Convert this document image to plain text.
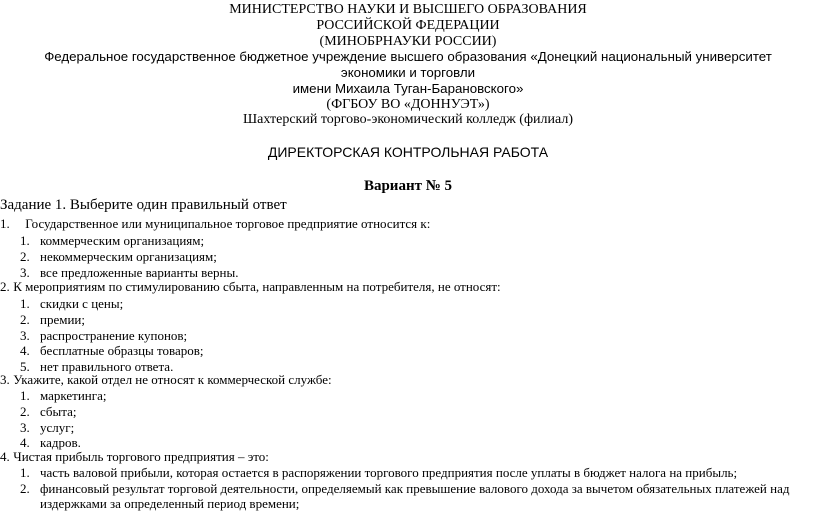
МИНИСТЕРСТВО НАУКИ И ВЫСШЕГО ОБРАЗОВАНИЯ
РОССИЙСКОЙ ФЕДЕРАЦИИ
(МИНОБРНАУКИ РОССИИ)
Федеральное государственное бюджетное учреждение высшего образования «Донецкий национальный университет
экономики и торговли
имени Михаила Туган-Барановского»
(ФГБОУ ВО «ДОННУЭТ»)
Шахтерский торгово-экономический колледж (филиал)
ДИРЕКТОРСКАЯ КОНТРОЛЬНАЯ РАБОТА
Вариант № 5
Задание 1. Выберите один правильный ответ
1. Государственное или муниципальное торговое предприятие относится к:
1. коммерческим организациям;
2. некоммерческим организациям;
3. все предложенные варианты верны.
2. К мероприятиям по стимулированию сбыта, направленным на потребителя, не относят:
1. скидки с цены;
2. премии;
3. распространение купонов;
4. бесплатные образцы товаров;
5. нет правильного ответа.
3. Укажите, какой отдел не относят к коммерческой службе:
1. маркетинга;
2. сбыта;
3. услуг;
4. кадров.
4. Чистая прибыль торгового предприятия – это:
1. часть валовой прибыли, которая остается в распоряжении торгового предприятия после уплаты в бюджет налога на прибыль;
2. финансовый результат торговой деятельности, определяемый как превышение валового дохода за вычетом обязательных платежей над
издержками за определенный период времени;
